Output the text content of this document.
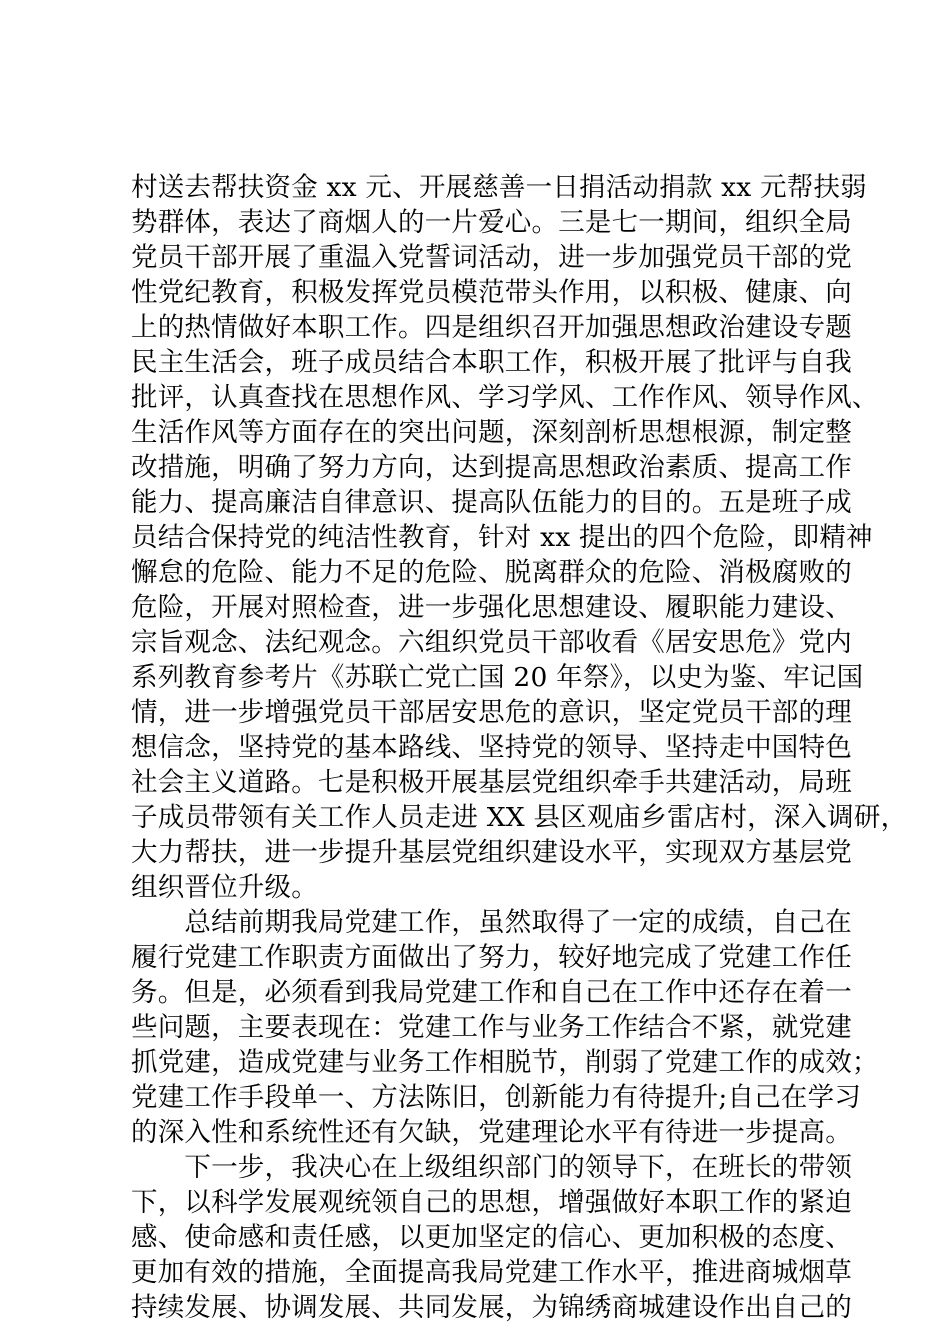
村送去帮扶资金 xx 元、开展慈善一日捐活动捐款 xx 元帮扶弱
势群体，表达了商烟人的一片爱心。三是七一期间，组织全局
党员干部开展了重温入党誓词活动，进一步加强党员干部的党
性党纪教育，积极发挥党员模范带头作用，以积极、健康、向
上的热情做好本职工作。四是组织召开加强思想政治建设专题
民主生活会，班子成员结合本职工作，积极开展了批评与自我
批评，认真查找在思想作风、学习学风、工作作风、领导作风、
生活作风等方面存在的突出问题，深刻剖析思想根源，制定整
改措施，明确了努力方向，达到提高思想政治素质、提高工作
能力、提高廉洁自律意识、提高队伍能力的目的。五是班子成
员结合保持党的纯洁性教育，针对 xx 提出的四个危险，即精神
懈怠的危险、能力不足的危险、脱离群众的危险、消极腐败的
危险，开展对照检查，进一步强化思想建设、履职能力建设、
宗旨观念、法纪观念。六组织党员干部收看《居安思危》党内
系列教育参考片《苏联亡党亡国 20 年祭》，以史为鉴、牢记国
情，进一步增强党员干部居安思危的意识，坚定党员干部的理
想信念，坚持党的基本路线、坚持党的领导、坚持走中国特色
社会主义道路。七是积极开展基层党组织牵手共建活动，局班
子成员带领有关工作人员走进 XX 县区观庙乡雷店村，深入调研，
大力帮扶，进一步提升基层党组织建设水平，实现双方基层党
组织晋位升级。
　　总结前期我局党建工作，虽然取得了一定的成绩，自己在
履行党建工作职责方面做出了努力，较好地完成了党建工作任
务。但是，必须看到我局党建工作和自己在工作中还存在着一
些问题，主要表现在：党建工作与业务工作结合不紧，就党建
抓党建，造成党建与业务工作相脱节，削弱了党建工作的成效；
党建工作手段单一、方法陈旧，创新能力有待提升;自己在学习
的深入性和系统性还有欠缺，党建理论水平有待进一步提高。
　　下一步，我决心在上级组织部门的领导下，在班长的带领
下，以科学发展观统领自己的思想，增强做好本职工作的紧迫
感、使命感和责任感，以更加坚定的信心、更加积极的态度、
更加有效的措施，全面提高我局党建工作水平，推进商城烟草
持续发展、协调发展、共同发展，为锦绣商城建设作出自己的
